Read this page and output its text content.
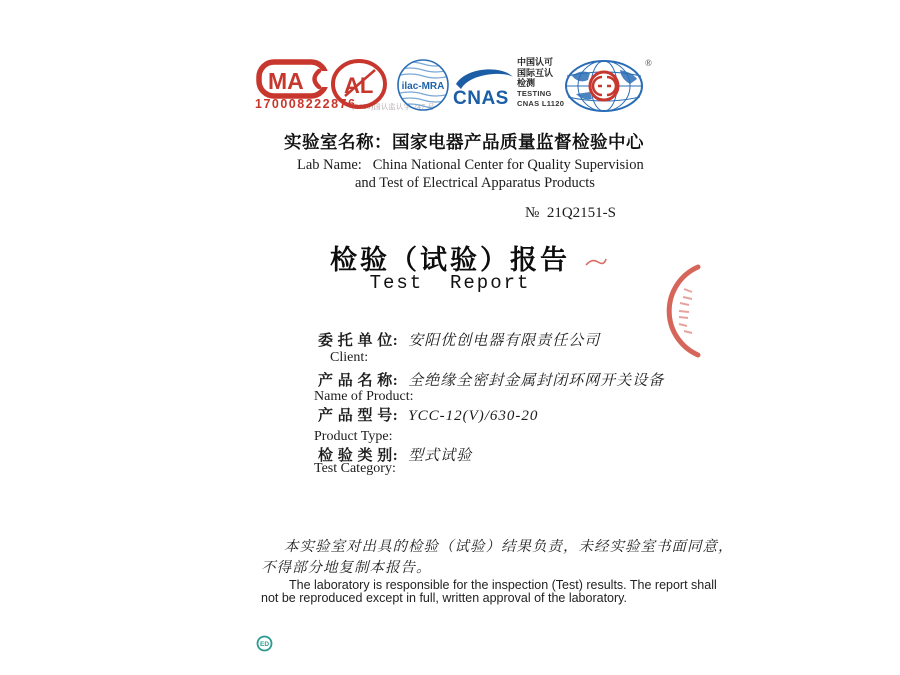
MA
170008222876
(2020)国认监认字 247 号
AL	ilac-MRA
CNAS
中国认可
国际互认
检测
TESTING
CNAS L1120
®
实验室名称：国家电器产品质量监督检验中心
Lab Name:   China National Center for Quality Supervision
and Test of Electrical Apparatus Products
№ 21Q2151-S
检验（试验）报告
Test  Report
委 托 单 位: 安阳优创电器有限责任公司
Client:
产 品 名 称: 全绝缘全密封金属封闭环网开关设备
Name of Product:
产 品 型 号: YCC-12(V)/630-20
Product Type:
检 验 类 别: 型式试验
Test Category:
本实验室对出具的检验（试验）结果负责，未经实验室书面同意，
不得部分地复制本报告。
The laboratory is responsible for the inspection (Test) results. The report shall
not be reproduced except in full, written approval of the laboratory.
ED
